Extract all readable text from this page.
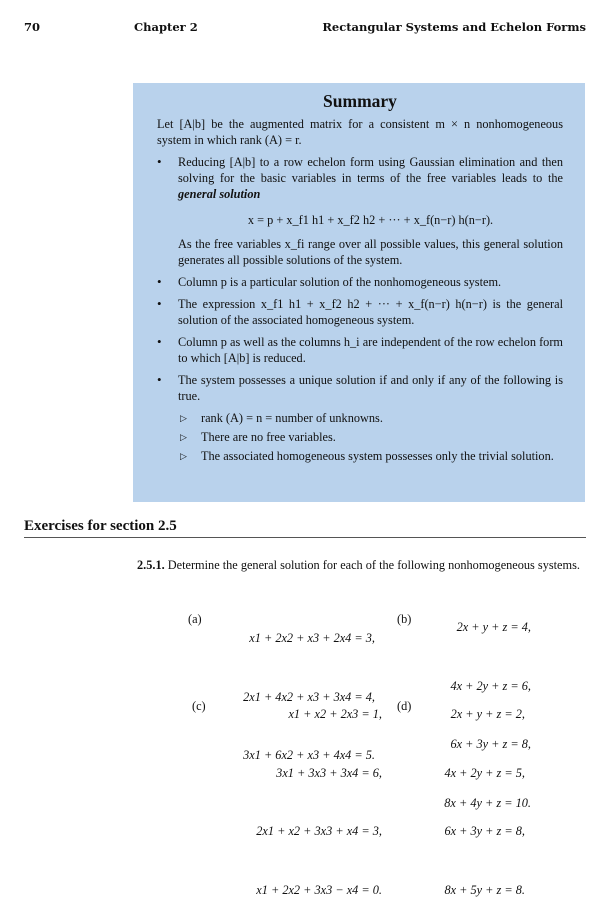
70	Chapter 2	Rectangular Systems and Echelon Forms
Summary

Let [A|b] be the augmented matrix for a consistent m × n nonhomogeneous system in which rank (A) = r.

• Reducing [A|b] to a row echelon form using Gaussian elimination and then solving for the basic variables in terms of the free variables leads to the general solution
x = p + x_f1 h1 + x_f2 h2 + ··· + x_f(n−r) h(n−r).
As the free variables x_fi range over all possible values, this general solution generates all possible solutions of the system.
• Column p is a particular solution of the nonhomogeneous system.
• The expression x_f1 h1 + x_f2 h2 + ··· + x_f(n−r) h(n−r) is the general solution of the associated homogeneous system.
• Column p as well as the columns h_i are independent of the row echelon form to which [A|b] is reduced.
• The system possesses a unique solution if and only if any of the following is true.
▷ rank (A) = n = number of unknowns.
▷ There are no free variables.
▷ The associated homogeneous system possesses only the trivial solution.
Exercises for section 2.5
2.5.1. Determine the general solution for each of the following nonhomogeneous systems.
(a)

x1 + 2x2 + x3 + 2x4 = 3,

2x1 + 4x2 + x3 + 3x4 = 4,

3x1 + 6x2 + x3 + 4x4 = 5.

(b)

2x + y + z = 4,

4x + 2y + z = 6,

6x + 3y + z = 8,

8x + 4y + z = 10.

(c)

x1 + x2 + 2x3 = 1,

3x1 + 3x3 + 3x4 = 6,

2x1 + x2 + 3x3 + x4 = 3,

x1 + 2x2 + 3x3 − x4 = 0.

(d)

2x + y + z = 2,

4x + 2y + z = 5,

6x + 3y + z = 8,

8x + 5y + z = 8.
